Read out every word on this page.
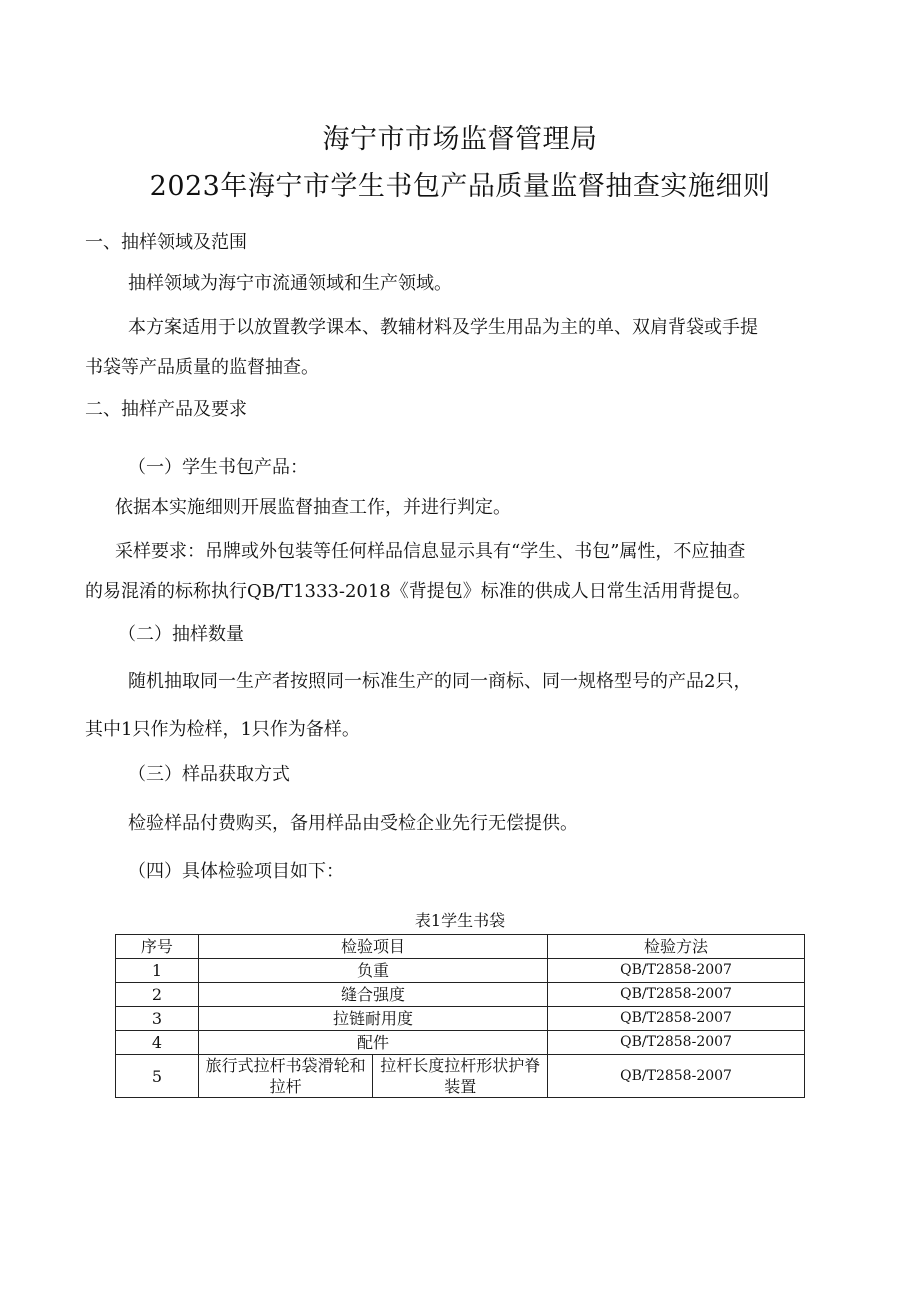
海宁市市场监督管理局
2023年海宁市学生书包产品质量监督抽查实施细则
一、抽样领域及范围
抽样领域为海宁市流通领域和生产领域。
本方案适用于以放置教学课本、教辅材料及学生用品为主的单、双肩背袋或手提
书袋等产品质量的监督抽查。
二、抽样产品及要求
（一）学生书包产品：
依据本实施细则开展监督抽查工作，并进行判定。
采样要求：吊牌或外包装等任何样品信息显示具有“学生、书包”属性，不应抽查
的易混淆的标称执行QB/T1333-2018《背提包》标准的供成人日常生活用背提包。
（二）抽样数量
随机抽取同一生产者按照同一标准生产的同一商标、同一规格型号的产品2只，
其中1只作为检样，1只作为备样。
（三）样品获取方式
检验样品付费购买，备用样品由受检企业先行无偿提供。
（四）具体检验项目如下：
表1学生书袋
序号	检验项目		检验方法
1	负重		QB/T2858-2007
2	缝合强度		QB/T2858-2007
3	拉链耐用度		QB/T2858-2007
4	配件		QB/T2858-2007
5	旅行式拉杆书袋滑轮和拉杆	拉杆长度拉杆形状护脊装置	QB/T2858-2007
